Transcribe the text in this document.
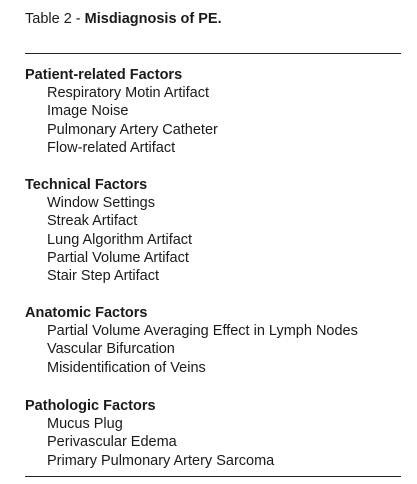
Table 2 - Misdiagnosis of PE.
Patient-related Factors
Respiratory Motin Artifact
Image Noise
Pulmonary Artery Catheter
Flow-related Artifact
Technical Factors
Window Settings
Streak Artifact
Lung Algorithm Artifact
Partial Volume Artifact
Stair Step Artifact
Anatomic Factors
Partial Volume Averaging Effect in Lymph Nodes
Vascular Bifurcation
Misidentification of Veins
Pathologic Factors
Mucus Plug
Perivascular Edema
Primary Pulmonary Artery Sarcoma
